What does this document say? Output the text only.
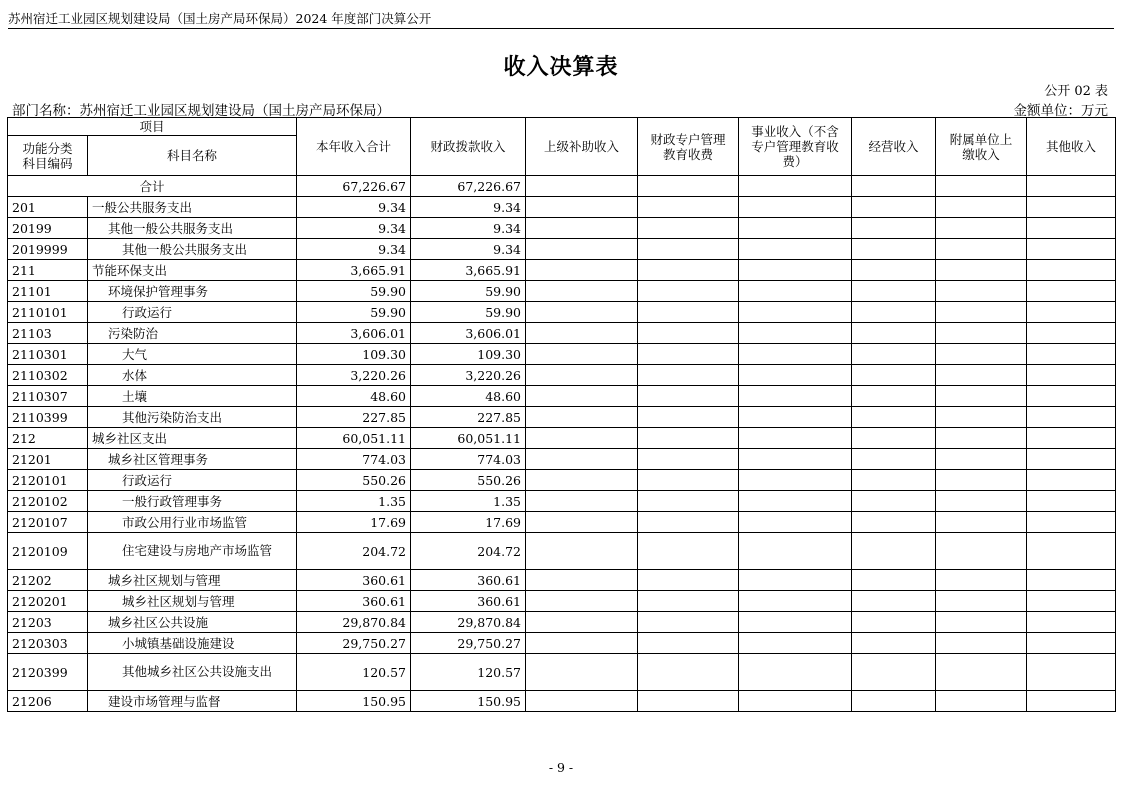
苏州宿迁工业园区规划建设局（国土房产局环保局）2024 年度部门决算公开
收入决算表
公开 02 表
部门名称：苏州宿迁工业园区规划建设局（国土房产局环保局）	金额单位：万元
项目		本年收入合计	财政拨款收入	上级补助收入	财政专户管理教育收费	事业收入（不含专户管理教育收费）	经营收入	附属单位上缴收入	其他收入
功能分类科目编码	科目名称								
合计		67,226.67	67,226.67						
201	一般公共服务支出	9.34	9.34						
20199	其他一般公共服务支出	9.34	9.34						
2019999	其他一般公共服务支出	9.34	9.34						
211	节能环保支出	3,665.91	3,665.91						
21101	环境保护管理事务	59.90	59.90						
2110101	行政运行	59.90	59.90						
21103	污染防治	3,606.01	3,606.01						
2110301	大气	109.30	109.30						
2110302	水体	3,220.26	3,220.26						
2110307	土壤	48.60	48.60						
2110399	其他污染防治支出	227.85	227.85						
212	城乡社区支出	60,051.11	60,051.11						
21201	城乡社区管理事务	774.03	774.03						
2120101	行政运行	550.26	550.26						
2120102	一般行政管理事务	1.35	1.35						
2120107	市政公用行业市场监管	17.69	17.69						
2120109	住宅建设与房地产市场监管	204.72	204.72						
21202	城乡社区规划与管理	360.61	360.61						
2120201	城乡社区规划与管理	360.61	360.61						
21203	城乡社区公共设施	29,870.84	29,870.84						
2120303	小城镇基础设施建设	29,750.27	29,750.27						
2120399	其他城乡社区公共设施支出	120.57	120.57						
21206	建设市场管理与监督	150.95	150.95						
- 9 -
